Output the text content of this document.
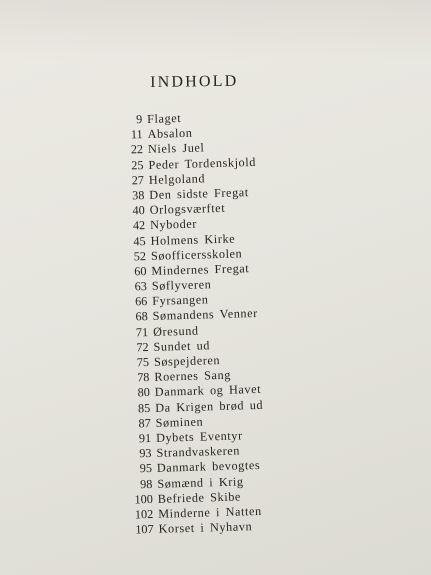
INDHOLD
9 Flaget
11 Absalon
22 Niels Juel
25 Peder Tordenskjold
27 Helgoland
38 Den sidste Fregat
40 Orlogsværftet
42 Nyboder
45 Holmens Kirke
52 Søofficersskolen
60 Mindernes Fregat
63 Søflyveren
66 Fyrsangen
68 Sømandens Venner
71 Øresund
72 Sundet ud
75 Søspejderen
78 Roernes Sang
80 Danmark og Havet
85 Da Krigen brød ud
87 Søminen
91 Dybets Eventyr
93 Strandvaskeren
95 Danmark bevogtes
98 Sømænd i Krig
100 Befriede Skibe
102 Minderne i Natten
107 Korset i Nyhavn
